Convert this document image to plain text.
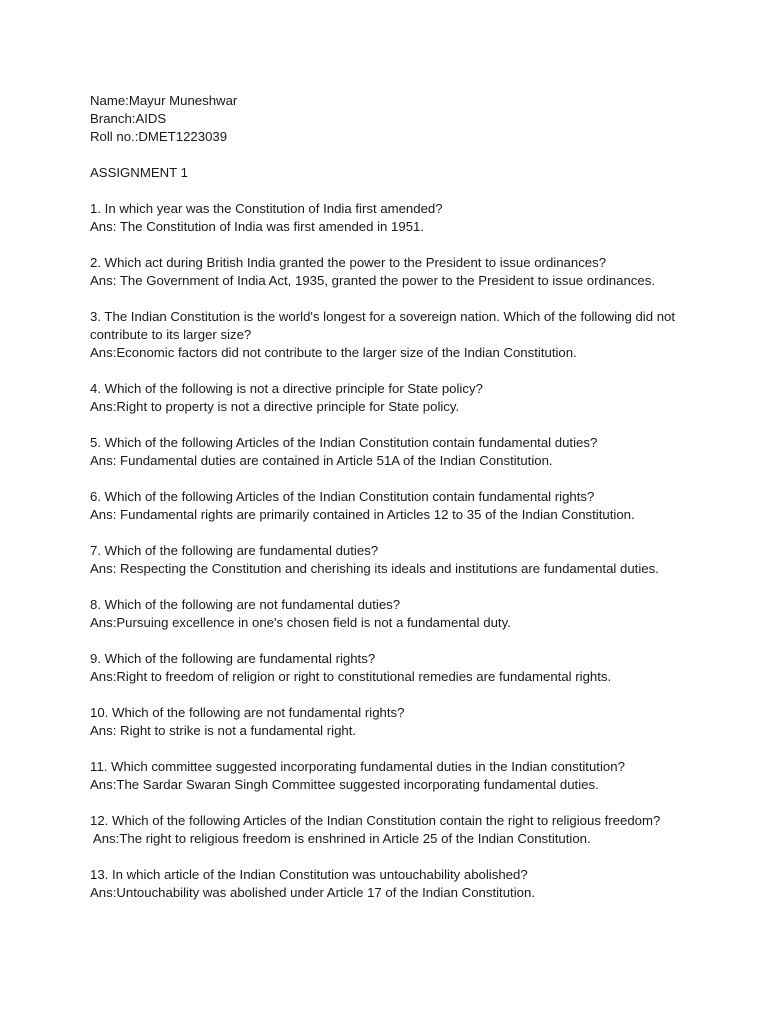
Name:Mayur Muneshwar
Branch:AIDS
Roll no.:DMET1223039
ASSIGNMENT 1
1. In which year was the Constitution of India first amended?
Ans: The Constitution of India was first amended in 1951.
2. Which act during British India granted the power to the President to issue ordinances?
Ans: The Government of India Act, 1935, granted the power to the President to issue ordinances.
3. The Indian Constitution is the world's longest for a sovereign nation. Which of the following did not
contribute to its larger size?
Ans:Economic factors did not contribute to the larger size of the Indian Constitution.
4. Which of the following is not a directive principle for State policy?
Ans:Right to property is not a directive principle for State policy.
5. Which of the following Articles of the Indian Constitution contain fundamental duties?
Ans: Fundamental duties are contained in Article 51A of the Indian Constitution.
6. Which of the following Articles of the Indian Constitution contain fundamental rights?
Ans: Fundamental rights are primarily contained in Articles 12 to 35 of the Indian Constitution.
7. Which of the following are fundamental duties?
Ans: Respecting the Constitution and cherishing its ideals and institutions are fundamental duties.
8. Which of the following are not fundamental duties?
Ans:Pursuing excellence in one's chosen field is not a fundamental duty.
9. Which of the following are fundamental rights?
Ans:Right to freedom of religion or right to constitutional remedies are fundamental rights.
10. Which of the following are not fundamental rights?
Ans: Right to strike is not a fundamental right.
11. Which committee suggested incorporating fundamental duties in the Indian constitution?
Ans:The Sardar Swaran Singh Committee suggested incorporating fundamental duties.
12. Which of the following Articles of the Indian Constitution contain the right to religious freedom?
Ans:The right to religious freedom is enshrined in Article 25 of the Indian Constitution.
13. In which article of the Indian Constitution was untouchability abolished?
Ans:Untouchability was abolished under Article 17 of the Indian Constitution.
